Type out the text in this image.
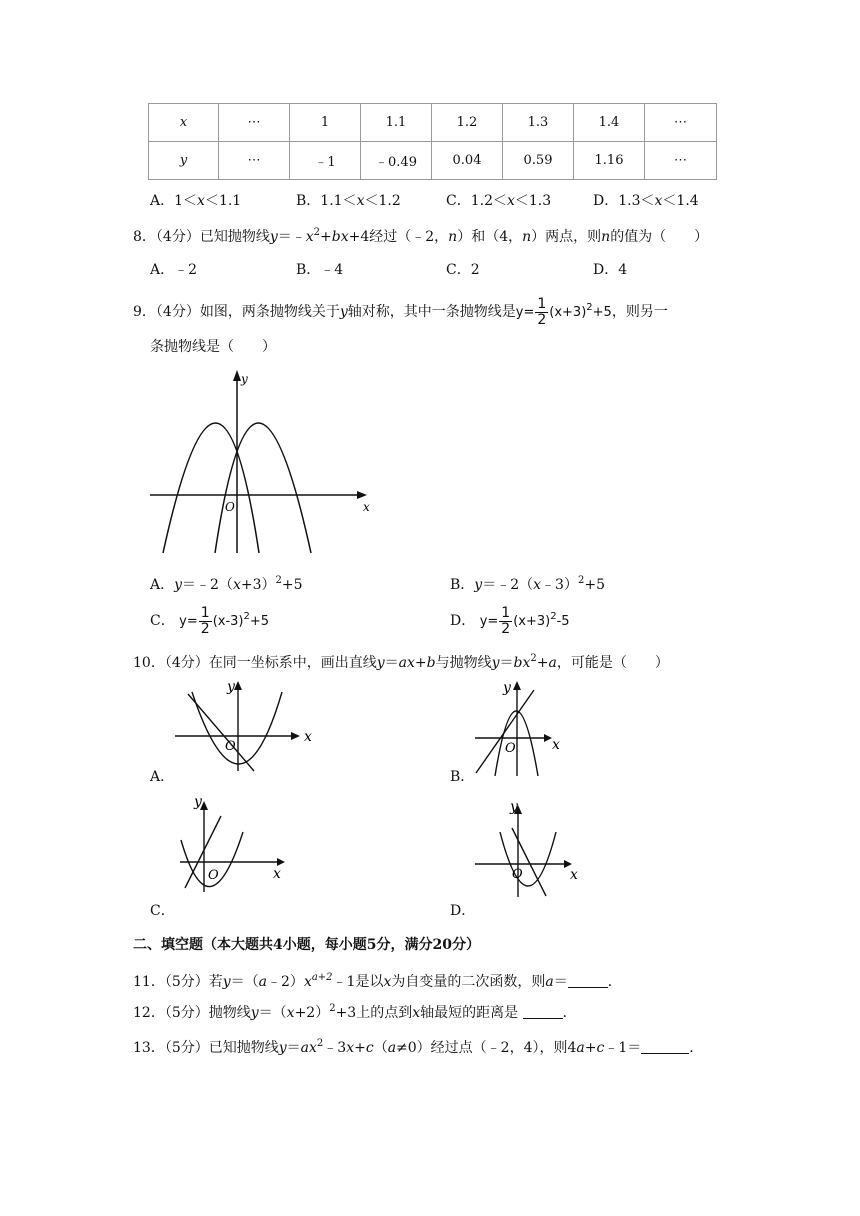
x	⋯	1	1.1	1.2	1.3	1.4	⋯
y	⋯	﹣1	﹣0.49	0.04	0.59	1.16	⋯
A．1＜x＜1.1	B．1.1＜x＜1.2	C．1.2＜x＜1.3	D．1.3＜x＜1.4
8．（4分）已知抛物线$y=﹣x^2+bx+4$经过（﹣2，n）和（4，n）两点，则n的值为（　　）
A．﹣2	B．﹣4	C．2	D．4
9．（4分）如图，两条抛物线关于y轴对称，其中一条抛物线是$y= \frac{1}{2} (x+3)^2+5$，则另一
条抛物线是（　　）
y
x
O
A．$y=﹣2(x+3)^2+5$	B．y＝﹣2（x﹣3）$^2$+5
C． $y= \frac{1}{2} (x-3)^2+5$	D． $y= \frac{1}{2} (x+3)^2-5$
10．（4分）在同一坐标系中，画出直线y＝ax+b与抛物线$y=bx^2+a$，可能是（　　）
y
x
O
A．
y
x
O
B．
y
x
O
C．
y
x
O
D．
二、填空题（本大题共4小题，每小题5分，满分20分）
11．（5分）若$y=(a﹣2)x^{a+2}﹣1$是以x为自变量的二次函数，则a＝	．
12．（5分）抛物线$y=(x+2)^2+3$上的点到x轴最短的距离是	．
13．（5分）已知抛物线$y=ax^2﹣3x+c(a\ne 0)$经过点（﹣2，4），则4a+c﹣1＝	．
